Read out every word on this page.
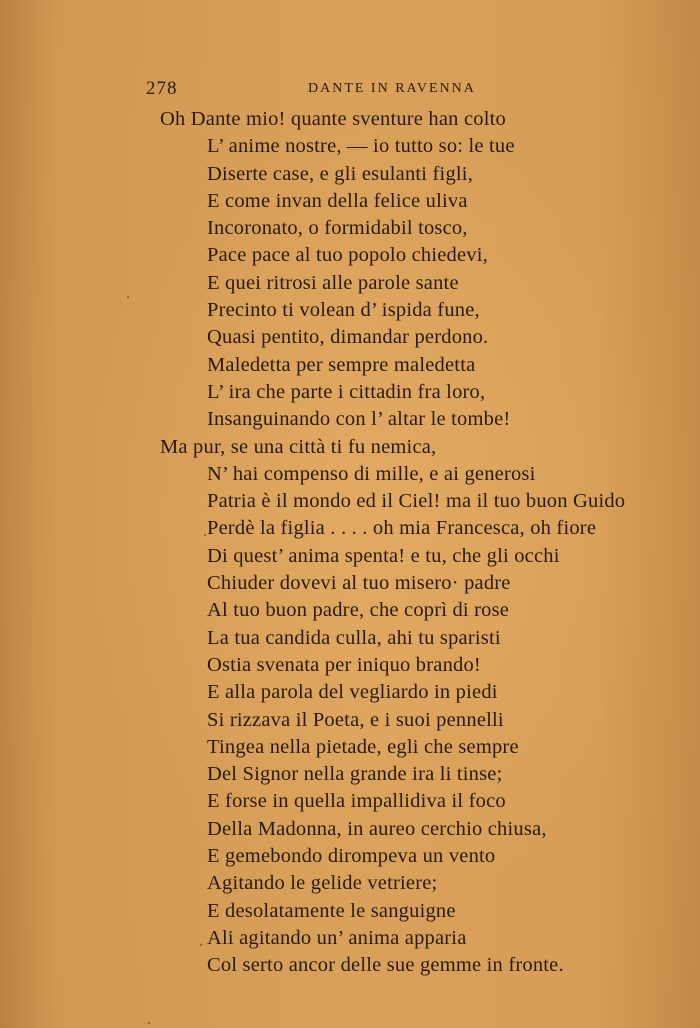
278	DANTE IN RAVENNA
Oh Dante mio! quante sventure han colto
L’ animе nostre, — io tutto so: le tue
Diserte case, e gli esulanti figli,
E come invan della felice uliva
Incoronato, o formidabil tosco,
Pace pace al tuo popolo chiedevi,
E quei ritrosi alle parole sante
Precinto ti volean d’ ispida fune,
Quasi pentito, dimandar perdono.
Maledetta per sempre maledetta
L’ ira che parte i cittadin fra loro,
Insanguinando con l’ altar le tombe!
Ma pur, se una città ti fu nemica,
N’ hai compenso di mille, e ai generosi
Patria è il mondo ed il Ciel! ma il tuo buon Guido
Perdè la figlia . . . . oh mia Francesca, oh fiore
Di quest’ anima spenta! e tu, che gli occhi
Chiuder dovevi al tuo misero· padre
Al tuo buon padre, che coprì di rose
La tua candida culla, ahi tu sparisti
Ostia svenata per iniquo brando!
E alla parola del vegliardo in piedi
Si rizzava il Poeta, e i suoi pennelli
Tingea nella pietade, egli che sempre
Del Signor nella grande ira li tinse;
E forse in quella impallidiva il foco
Della Madonna, in aureo cerchio chiusa,
E gemebondo dirompeva un vento
Agitando le gelide vetriere;
E desolatamente le sanguigne
Ali agitando un’ anima apparia
Col serto ancor delle sue gemme in fronte.
